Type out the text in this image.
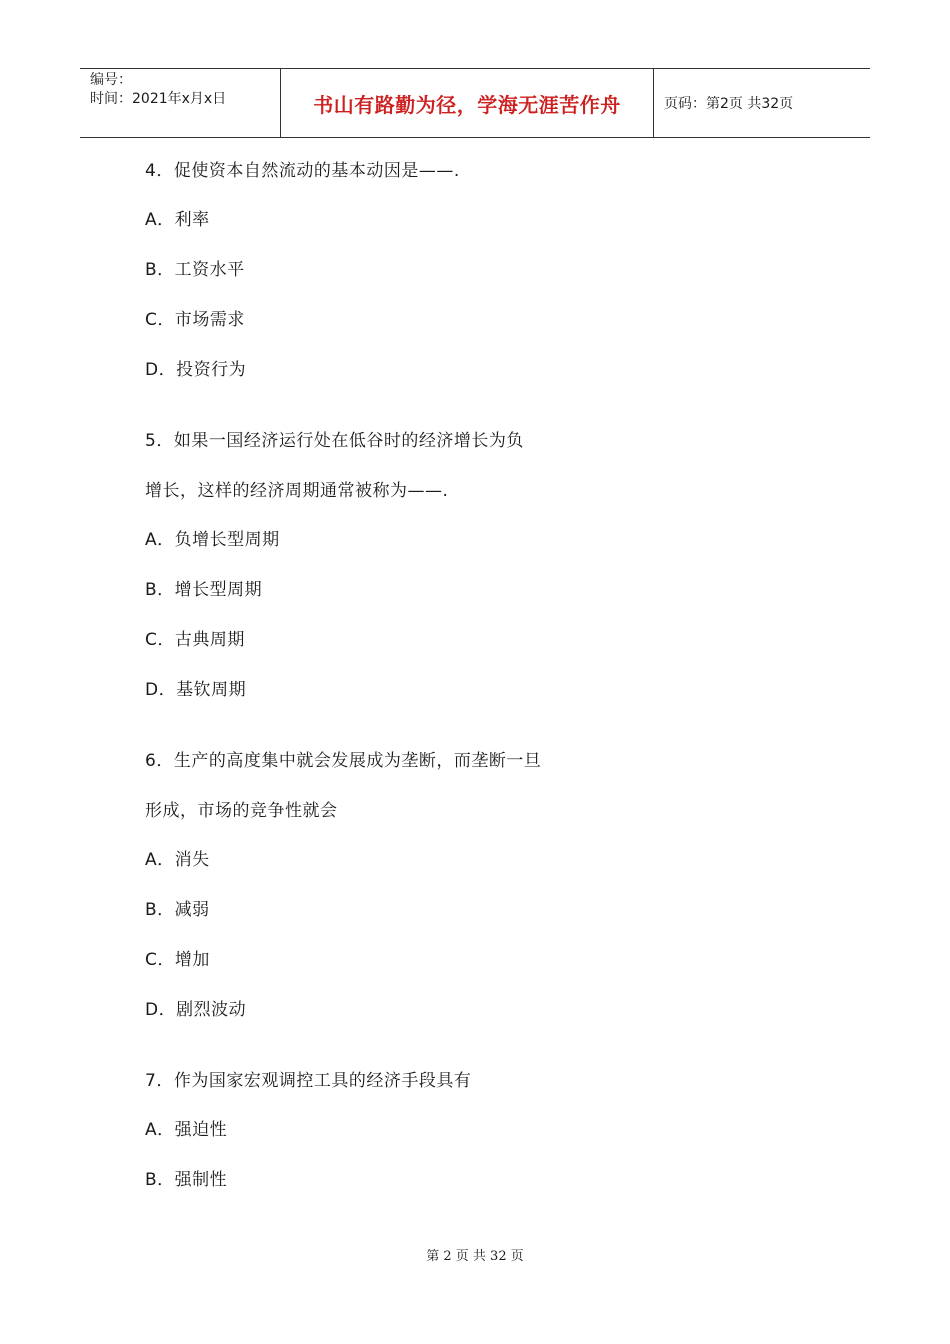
编号：
时间：2021年x月x日	书山有路勤为径，学海无涯苦作舟	页码：第2页 共32页
4．促使资本自然流动的基本动因是——.
A．利率
B．工资水平
C．市场需求
D．投资行为
5．如果一国经济运行处在低谷时的经济增长为负
增长，这样的经济周期通常被称为——.
A．负增长型周期
B．增长型周期
C．古典周期
D．基钦周期
6．生产的高度集中就会发展成为垄断，而垄断一旦
形成，市场的竞争性就会
A．消失
B．减弱
C．增加
D．剧烈波动
7．作为国家宏观调控工具的经济手段具有
A．强迫性
B．强制性
第 2 页 共 32 页
